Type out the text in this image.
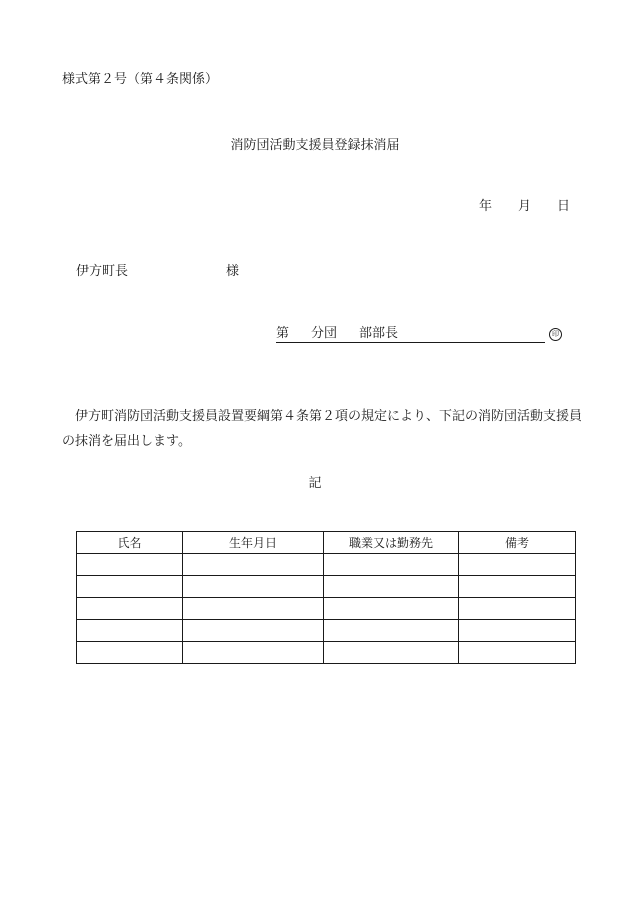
様式第２号（第４条関係）
消防団活動支援員登録抹消届
年 月 日
伊方町長	様
第 分団 部部長	印
伊方町消防団活動支援員設置要綱第４条第２項の規定により、下記の消防団活動支援員の抹消を届出します。
記
氏名	生年月日	職業又は勤務先	備考
